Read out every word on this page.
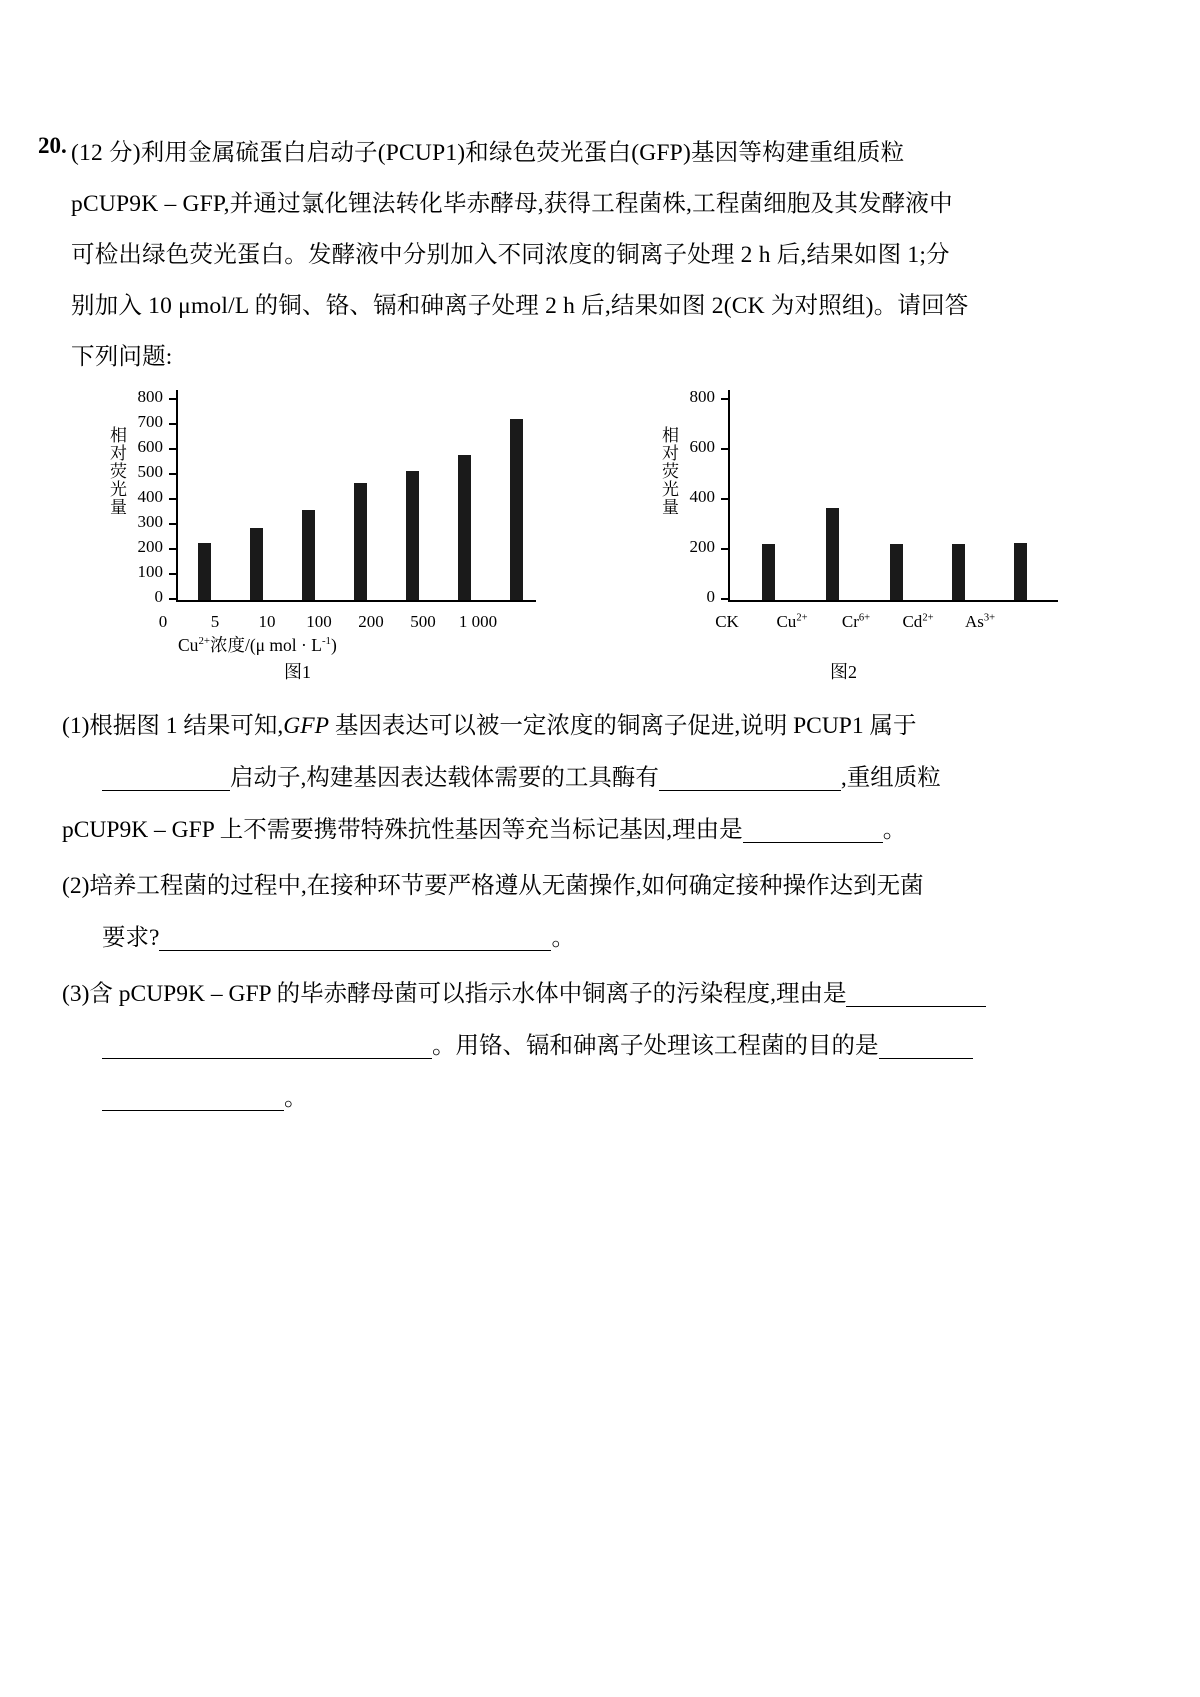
20. (12 分)利用金属硫蛋白启动子(PCUP1)和绿色荧光蛋白(GFP)基因等构建重组质粒
pCUP9K – GFP,并通过氯化锂法转化毕赤酵母,获得工程菌株,工程菌细胞及其发酵液中
可检出绿色荧光蛋白。发酵液中分别加入不同浓度的铜离子处理 2 h 后,结果如图 1;分
别加入 10 μmol/L 的铜、铬、镉和砷离子处理 2 h 后,结果如图 2(CK 为对照组)。请回答
下列问题:
相对荧光量
0
100
200
300
400
500
600
700
800
0	5	10	100	200	500	1 000
$Cu^{2+}$浓度/(μ mol · $L^{-1}$)
图1
相对荧光量
0
200
400
600
800
CK	$Cu^{2+}$	$Cr^{6+}$	$Cd^{2+}$	$As^{3+}$
图2
(1)根据图 1 结果可知,GFP 基因表达可以被一定浓度的铜离子促进,说明 PCUP1 属于
启动子,构建基因表达载体需要的工具酶有	,重组质粒
pCUP9K – GFP 上不需要携带特殊抗性基因等充当标记基因,理由是	。
(2)培养工程菌的过程中,在接种环节要严格遵从无菌操作,如何确定接种操作达到无菌
要求?	。
(3)含 pCUP9K – GFP 的毕赤酵母菌可以指示水体中铜离子的污染程度,理由是
。用铬、镉和砷离子处理该工程菌的目的是
。
